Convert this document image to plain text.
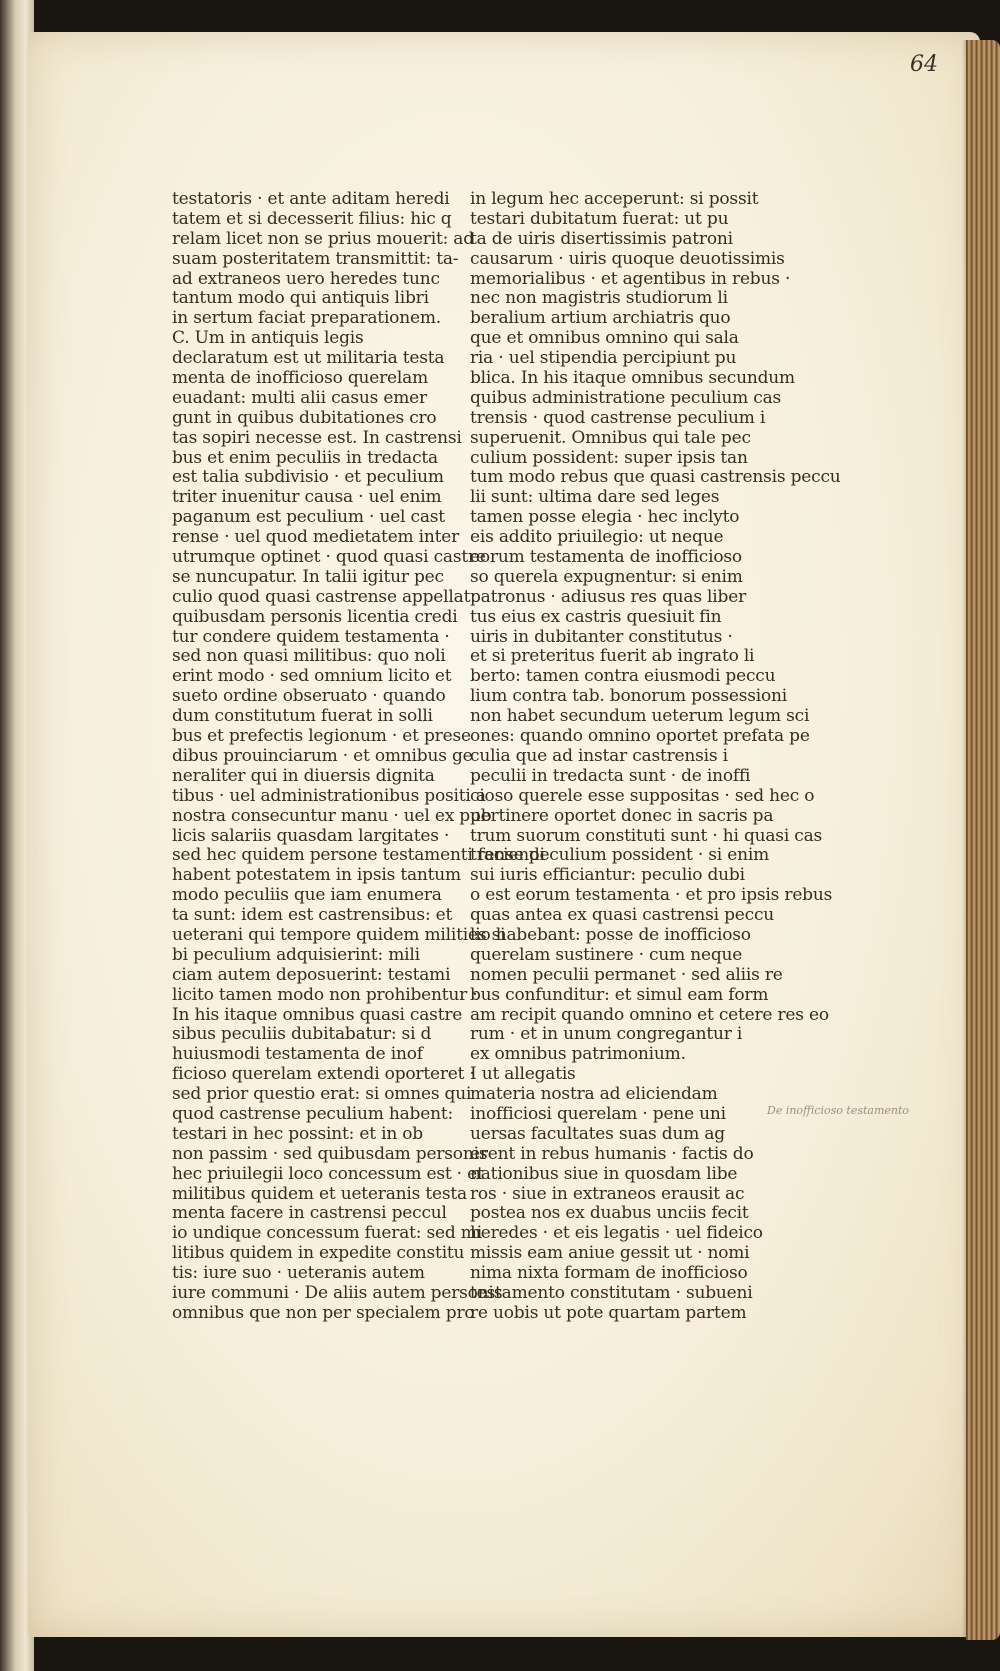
64
testatoris · et ante aditam heredi
tatem et si decesserit filius: hic q
relam licet non se prius mouerit: ad
suam posteritatem transmittit: ta-
ad extraneos uero heredes tunc
tantum modo qui antiquis libri
in sertum faciat preparationem.
C. Um in antiquis legis
declaratum est ut militaria testa
menta de inofficioso querelam
euadant: multi alii casus emer
gunt in quibus dubitationes cro
tas sopiri necesse est. In castrensi
bus et enim peculiis in tredacta
est talia subdivisio · et peculium
triter inuenitur causa · uel enim
paganum est peculium · uel cast
rense · uel quod medietatem inter
utrumque optinet · quod quasi castre
se nuncupatur. In talii igitur pec
culio quod quasi castrense appellat:
quibusdam personis licentia credi
tur condere quidem testamenta ·
sed non quasi militibus: quo noli
erint modo · sed omnium licito et
sueto ordine obseruato · quando
dum constitutum fuerat in solli
bus et prefectis legionum · et prese
dibus prouinciarum · et omnibus ge
neraliter qui in diuersis dignita
tibus · uel administrationibus positi a
nostra consecuntur manu · uel ex pub
licis salariis quasdam largitates ·
sed hec quidem persone testamenti faciendi
habent potestatem in ipsis tantum
modo peculiis que iam enumera
ta sunt: idem est castrensibus: et
ueterani qui tempore quidem milities si
bi peculium adquisierint: mili
ciam autem deposuerint: testami
licito tamen modo non prohibentur ·
In his itaque omnibus quasi castre
sibus peculiis dubitabatur: si d
huiusmodi testamenta de inof
ficioso querelam extendi oporteret ·
sed prior questio erat: si omnes qui
quod castrense peculium habent:
testari in hec possint: et in ob
non passim · sed quibusdam personis
hec priuilegii loco concessum est · et
militibus quidem et ueteranis testa
menta facere in castrensi peccul
io undique concessum fuerat: sed mi
litibus quidem in expedite constitu
tis: iure suo · ueteranis autem
iure communi · De aliis autem personis
omnibus que non per specialem pro
in legum hec acceperunt: si possit
testari dubitatum fuerat: ut pu
ta de uiris disertissimis patroni
causarum · uiris quoque deuotissimis
memorialibus · et agentibus in rebus ·
nec non magistris studiorum li
beralium artium archiatris quo
que et omnibus omnino qui sala
ria · uel stipendia percipiunt pu
blica. In his itaque omnibus secundum
quibus administratione peculium cas
trensis · quod castrense peculium i
superuenit. Omnibus qui tale pec
culium possident: super ipsis tan
tum modo rebus que quasi castrensis peccu
lii sunt: ultima dare sed leges
tamen posse elegia · hec inclyto
eis addito priuilegio: ut neque
eorum testamenta de inofficioso
so querela expugnentur: si enim
patronus · adiusus res quas liber
tus eius ex castris quesiuit fin
uiris in dubitanter constitutus ·
et si preteritus fuerit ab ingrato li
berto: tamen contra eiusmodi peccu
lium contra tab. bonorum possessioni
non habet secundum ueterum legum sci
ones: quando omnino oportet prefata pe
culia que ad instar castrensis i
peculii in tredacta sunt · de inoffi
cioso querele esse suppositas · sed hec o
pertinere oportet donec in sacris pa
trum suorum constituti sunt · hi quasi cas
trense peculium possident · si enim
sui iuris efficiantur: peculio dubi
o est eorum testamenta · et pro ipsis rebus
quas antea ex quasi castrensi peccu
lio habebant: posse de inofficioso
querelam sustinere · cum neque
nomen peculii permanet · sed aliis re
bus confunditur: et simul eam form
am recipit quando omnino et cetere res eo
rum · et in unum congregantur i
ex omnibus patrimonium.
I ut allegatis
materia nostra ad eliciendam
inofficiosi querelam · pene uni
uersas facultates suas dum ag
erent in rebus humanis · factis do
nationibus siue in quosdam libe
ros · siue in extraneos erausit ac
postea nos ex duabus unciis fecit
heredes · et eis legatis · uel fideico
missis eam aniue gessit ut · nomi
nima nixta formam de inofficioso
testamento constitutam · subueni
re uobis ut pote quartam partem
De inofficioso testamento
